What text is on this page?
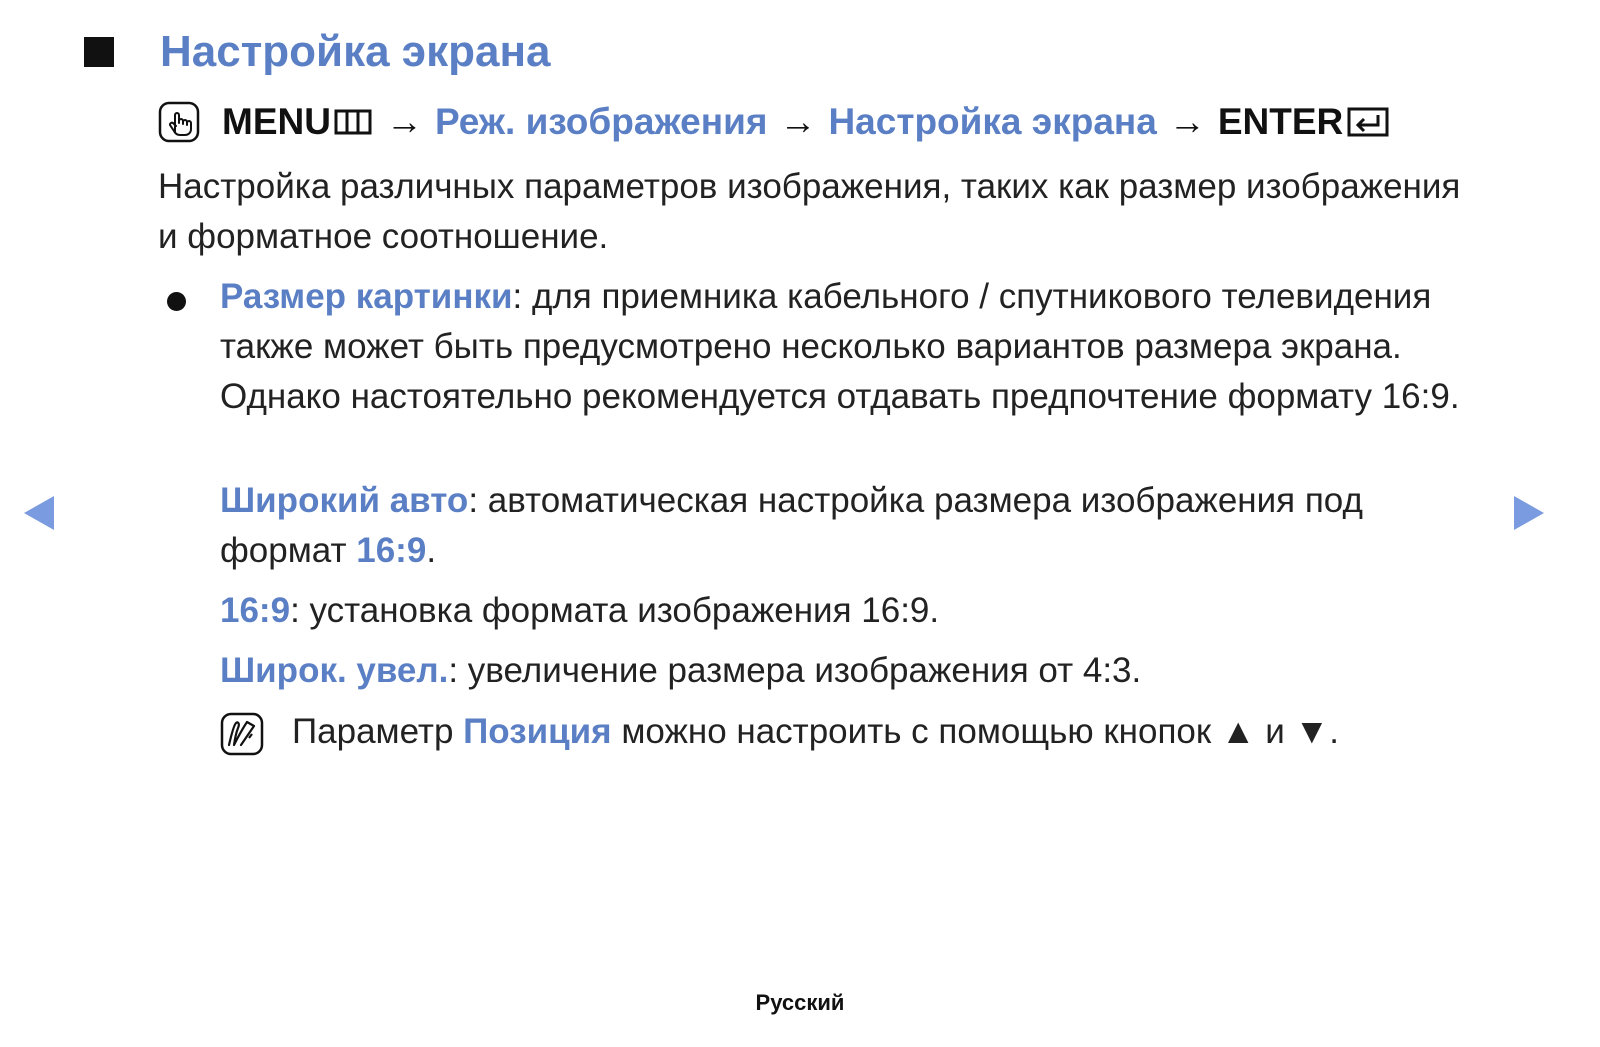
Настройка экрана
MENU → Реж. изображения → Настройка экрана → ENTER
Настройка различных параметров изображения, таких как размер изображения и форматное соотношение.
Размер картинки: для приемника кабельного / спутникового телевидения также может быть предусмотрено несколько вариантов размера экрана. Однако настоятельно рекомендуется отдавать предпочтение формату 16:9.
Широкий авто: автоматическая настройка размера изображения под формат 16:9.
16:9: установка формата изображения 16:9.
Широк. увел.: увеличение размера изображения от 4:3.
Параметр Позиция можно настроить с помощью кнопок ▲ и ▼.
Русский
